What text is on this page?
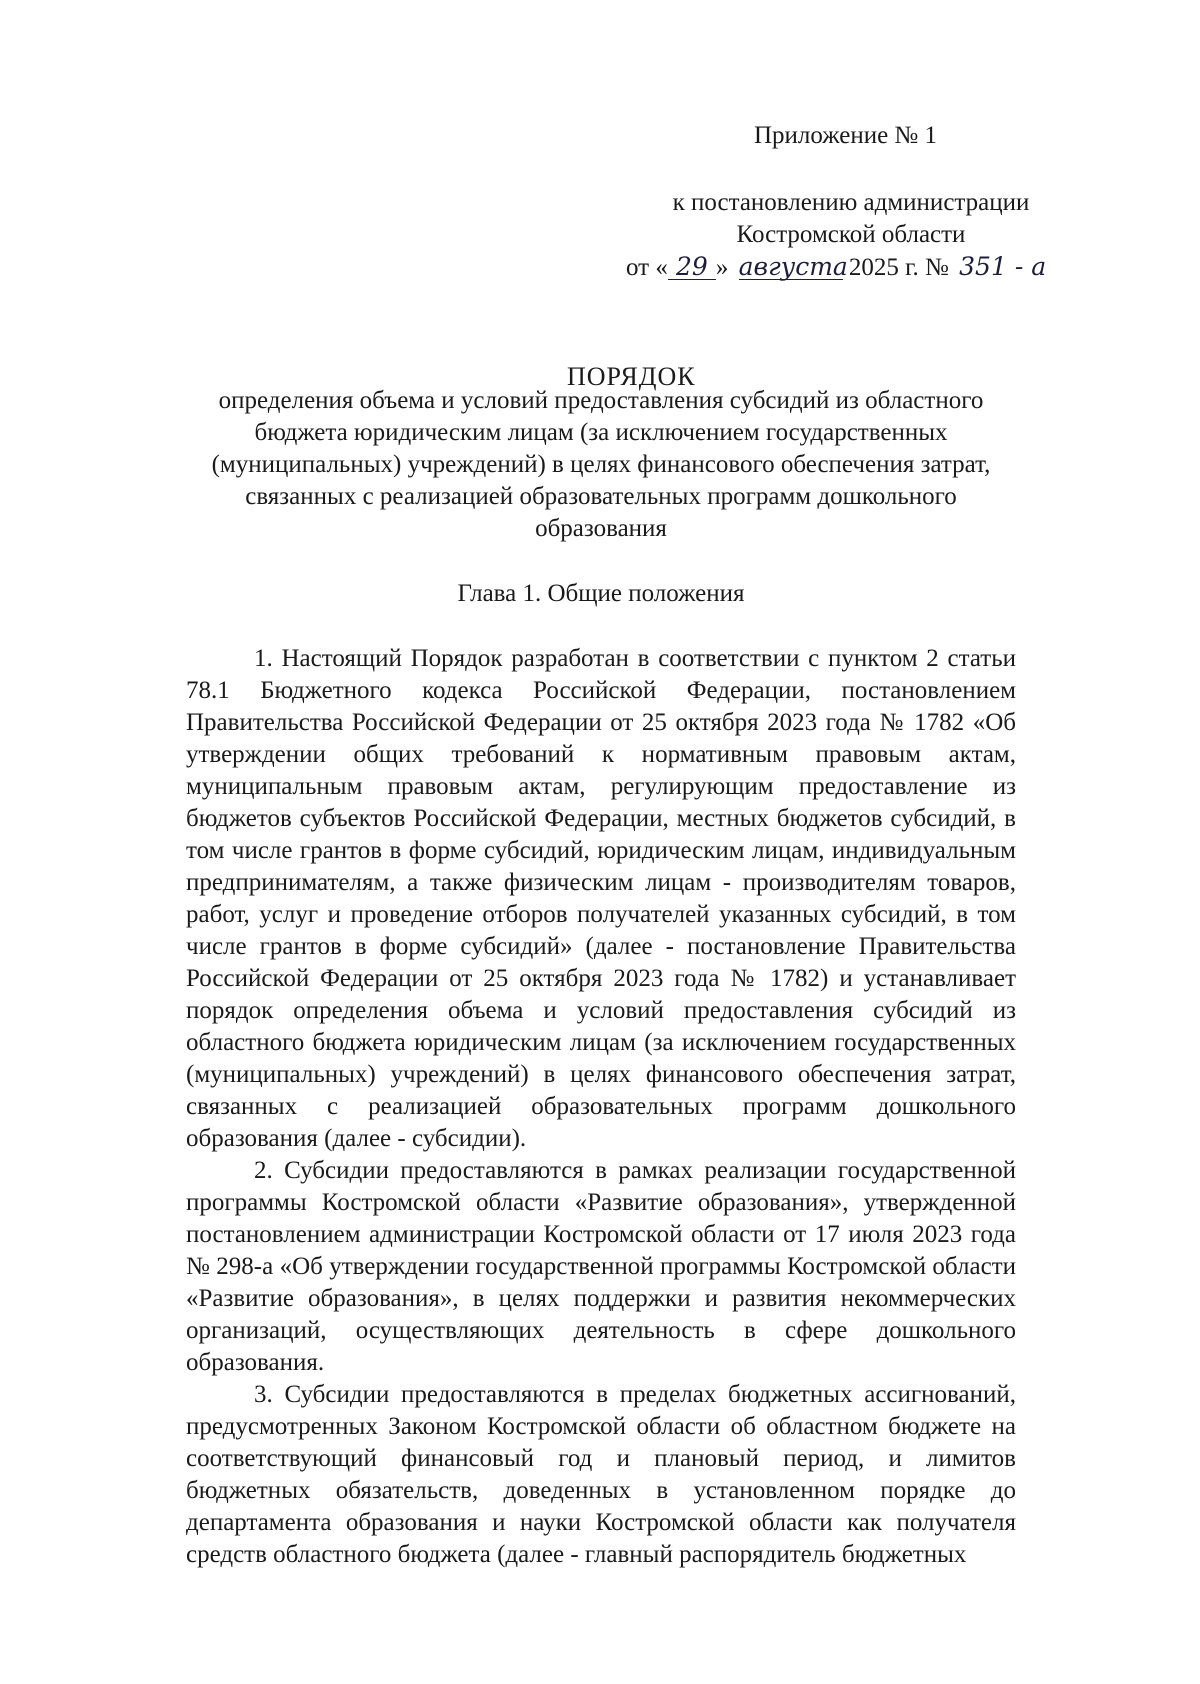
Приложение № 1
к постановлению администрации
Костромской области
от « 29 » августа 2025 г. № 351 - а
ПОРЯДОК
определения объема и условий предоставления субсидий из областного бюджета юридическим лицам (за исключением государственных (муниципальных) учреждений) в целях финансового обеспечения затрат, связанных с реализацией образовательных программ дошкольного образования
Глава 1. Общие положения

1. Настоящий Порядок разработан в соответствии с пунктом 2 статьи 78.1 Бюджетного кодекса Российской Федерации, постановлением Правительства Российской Федерации от 25 октября 2023 года № 1782 «Об утверждении общих требований к нормативным правовым актам, муниципальным правовым актам, регулирующим предоставление из бюджетов субъектов Российской Федерации, местных бюджетов субсидий, в том числе грантов в форме субсидий, юридическим лицам, индивидуальным предпринимателям, а также физическим лицам - производителям товаров, работ, услуг и проведение отборов получателей указанных субсидий, в том числе грантов в форме субсидий» (далее - постановление Правительства Российской Федерации от 25 октября 2023 года № 1782) и устанавливает порядок определения объема и условий предоставления субсидий из областного бюджета юридическим лицам (за исключением государственных (муниципальных) учреждений) в целях финансового обеспечения затрат, связанных с реализацией образовательных программ дошкольного образования (далее - субсидии).

2. Субсидии предоставляются в рамках реализации государственной программы Костромской области «Развитие образования», утвержденной постановлением администрации Костромской области от 17 июля 2023 года № 298-а «Об утверждении государственной программы Костромской области «Развитие образования», в целях поддержки и развития некоммерческих организаций, осуществляющих деятельность в сфере дошкольного образования.

3. Субсидии предоставляются в пределах бюджетных ассигнований, предусмотренных Законом Костромской области об областном бюджете на соответствующий финансовый год и плановый период, и лимитов бюджетных обязательств, доведенных в установленном порядке до департамента образования и науки Костромской области как получателя средств областного бюджета (далее - главный распорядитель бюджетных
